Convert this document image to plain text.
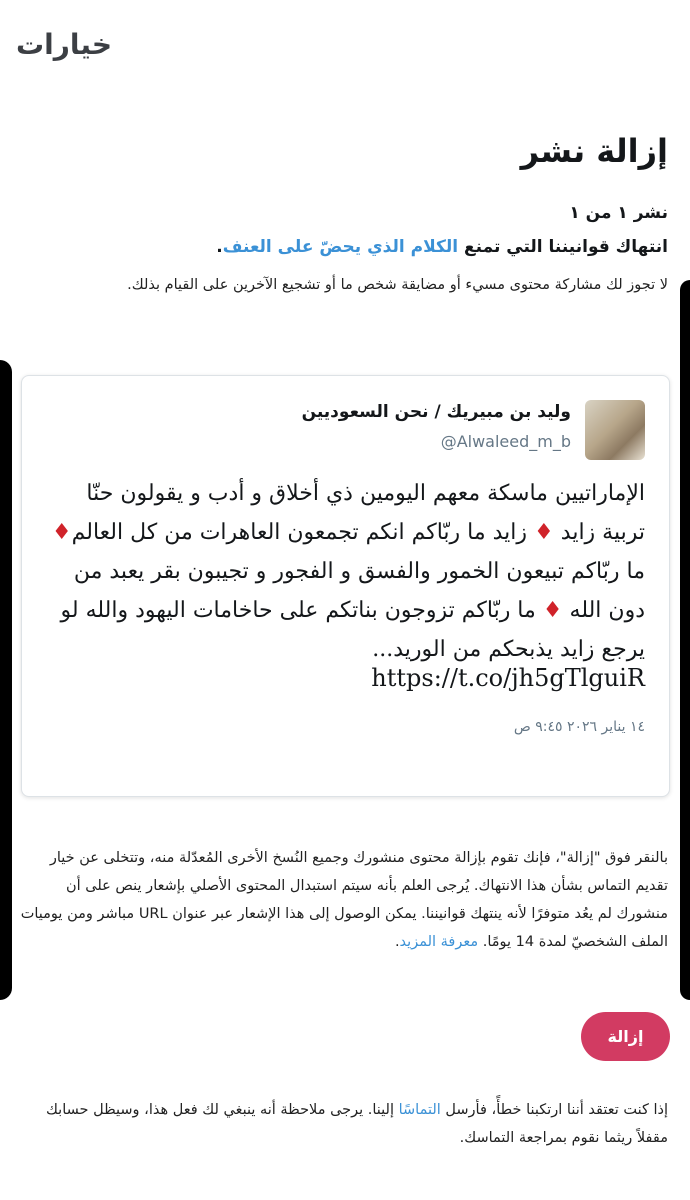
خيارات
إزالة نشر
نشر ١ من ١
انتهاك قوانيننا التي تمنع الكلام الذي يحضّ على العنف.
لا تجوز لك مشاركة محتوى مسيء أو مضايقة شخص ما أو تشجيع الآخرين على القيام بذلك.
وليد بن مبيريك / نحن السعوديين
@Alwaleed_m_b
الإماراتيين ماسكة معهم اليومين ذي أخلاق و أدب و يقولون حنّا تربية زايد ♦ زايد ما ربّاكم انكم تجمعون العاهرات من كل العالم♦ ما ربّاكم تبيعون الخمور والفسق و الفجور و تجيبون بقر يعبد من دون الله ♦ ما ربّاكم تزوجون بناتكم على حاخامات اليهود والله لو يرجع زايد يذبحكم من الوريد...
https://t.co/jh5gTlguiR
١٤ يناير ٢٠٢٦ ٩:٤٥ ص
بالنقر فوق "إزالة"، فإنك تقوم بإزالة محتوى منشورك وجميع النُسخ الأخرى المُعدّلة منه، وتتخلى عن خيار تقديم التماس بشأن هذا الانتهاك. يُرجى العلم بأنه سيتم استبدال المحتوى الأصلي بإشعار ينص على أن منشورك لم يعُد متوفرًا لأنه ينتهك قوانيننا. يمكن الوصول إلى هذا الإشعار عبر عنوان URL مباشر ومن يوميات الملف الشخصيّ لمدة 14 يومًا. معرفة المزيد.
إزالة
إذا كنت تعتقد أننا ارتكبنا خطأً، فأرسل التماسًا إلينا. يرجى ملاحظة أنه ينبغي لك فعل هذا، وسيظل حسابك مقفلاً ريثما نقوم بمراجعة التماسك.
